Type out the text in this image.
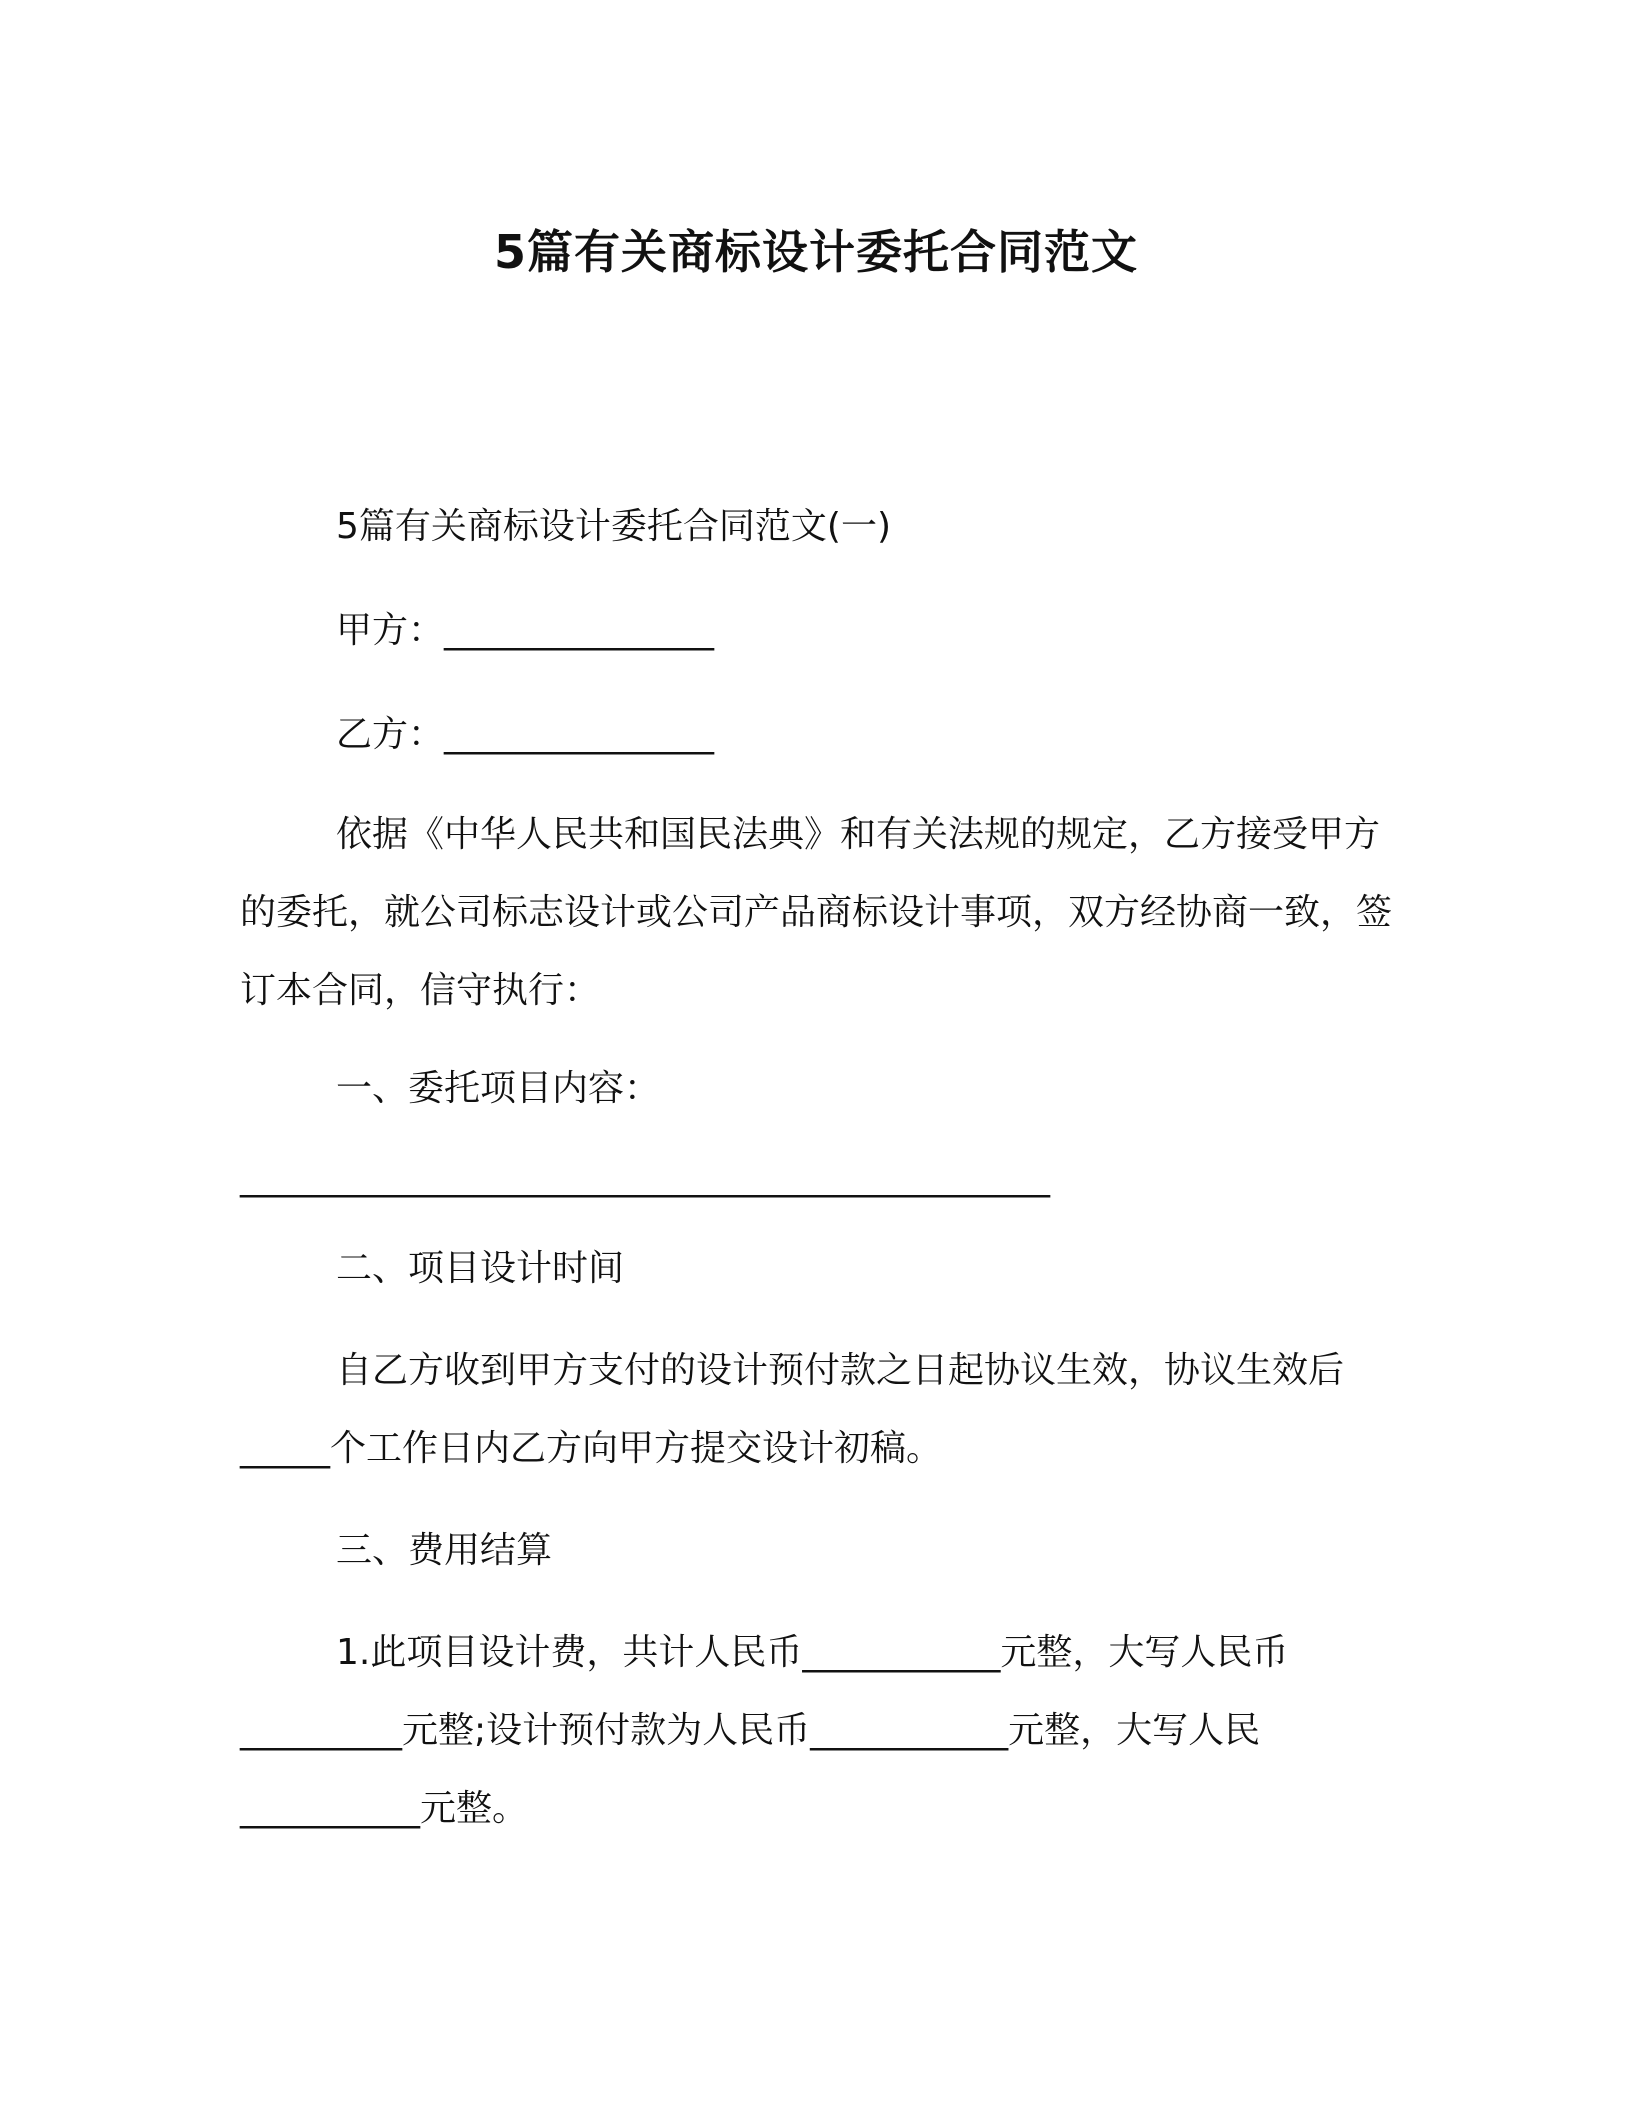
5篇有关商标设计委托合同范文
5篇有关商标设计委托合同范文(一)
甲方：_______________
乙方：_______________
依据《中华人民共和国民法典》和有关法规的规定，乙方接受甲方的委托，就公司标志设计或公司产品商标设计事项，双方经协商一致，签订本合同，信守执行：
一、委托项目内容：
_____________________________________________
二、项目设计时间
自乙方收到甲方支付的设计预付款之日起协议生效，协议生效后_____个工作日内乙方向甲方提交设计初稿。
三、费用结算
1.此项目设计费，共计人民币___________元整，大写人民币_________元整;设计预付款为人民币___________元整，大写人民__________元整。
